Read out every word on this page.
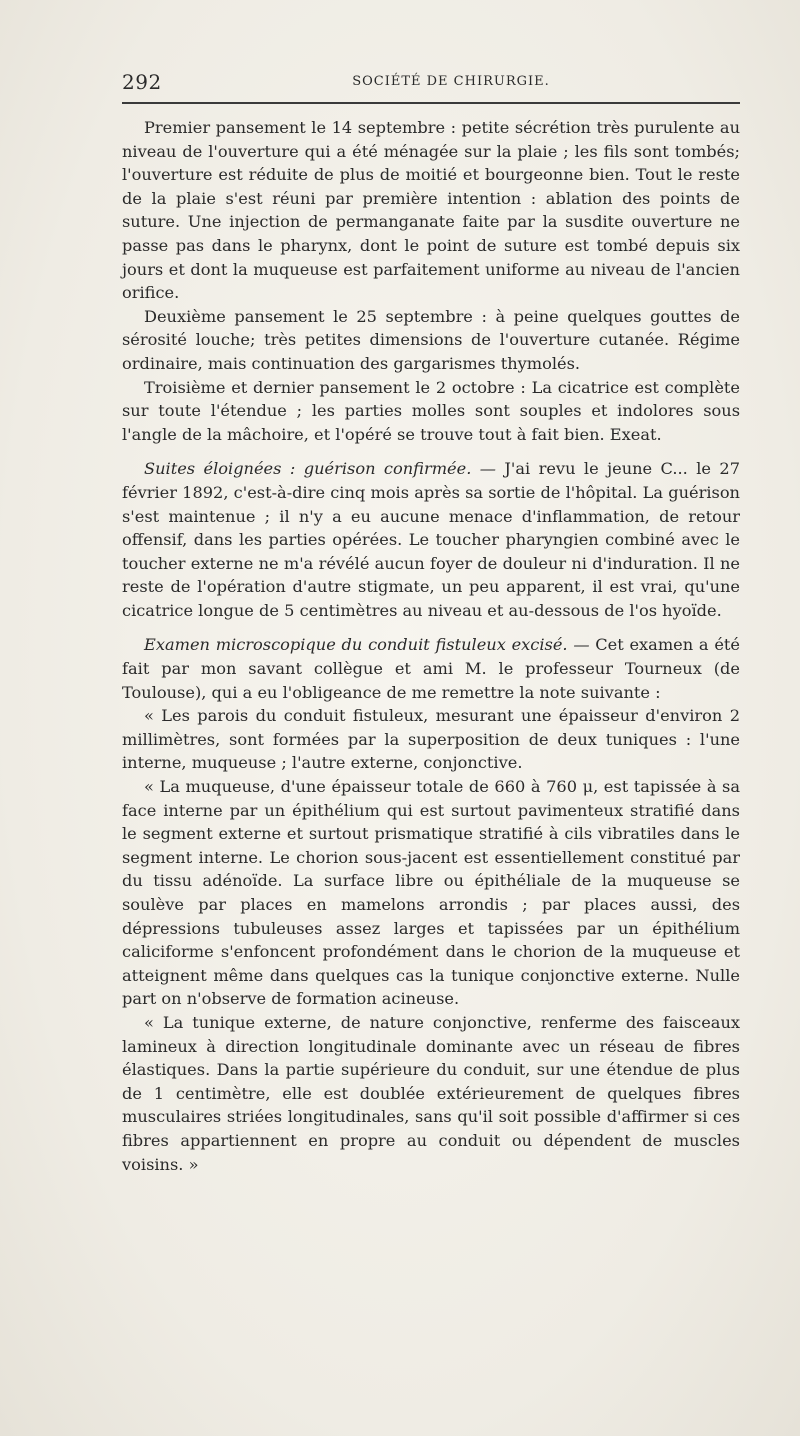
292	SOCIÉTÉ DE CHIRURGIE.

Premier pansement le 14 septembre : petite sécrétion très purulente au niveau de l'ouverture qui a été ménagée sur la plaie ; les fils sont tombés; l'ouverture est réduite de plus de moitié et bourgeonne bien. Tout le reste de la plaie s'est réuni par première intention : ablation des points de suture. Une injection de permanganate faite par la susdite ouverture ne passe pas dans le pharynx, dont le point de suture est tombé depuis six jours et dont la muqueuse est parfaitement uniforme au niveau de l'ancien orifice.

Deuxième pansement le 25 septembre : à peine quelques gouttes de sérosité louche; très petites dimensions de l'ouverture cutanée. Régime ordinaire, mais continuation des gargarismes thymolés.

Troisième et dernier pansement le 2 octobre : La cicatrice est complète sur toute l'étendue ; les parties molles sont souples et indolores sous l'angle de la mâchoire, et l'opéré se trouve tout à fait bien. Exeat.

Suites éloignées : guérison confirmée. — J'ai revu le jeune C... le 27 février 1892, c'est-à-dire cinq mois après sa sortie de l'hôpital. La guérison s'est maintenue ; il n'y a eu aucune menace d'inflammation, de retour offensif, dans les parties opérées. Le toucher pharyngien combiné avec le toucher externe ne m'a révélé aucun foyer de douleur ni d'induration. Il ne reste de l'opération d'autre stigmate, un peu apparent, il est vrai, qu'une cicatrice longue de 5 centimètres au niveau et au-dessous de l'os hyoïde.

Examen microscopique du conduit fistuleux excisé. — Cet examen a été fait par mon savant collègue et ami M. le professeur Tourneux (de Toulouse), qui a eu l'obligeance de me remettre la note suivante :

« Les parois du conduit fistuleux, mesurant une épaisseur d'environ 2 millimètres, sont formées par la superposition de deux tuniques : l'une interne, muqueuse ; l'autre externe, conjonctive.

« La muqueuse, d'une épaisseur totale de 660 à 760 μ, est tapissée à sa face interne par un épithélium qui est surtout pavimenteux stratifié dans le segment externe et surtout prismatique stratifié à cils vibratiles dans le segment interne. Le chorion sous-jacent est essentiellement constitué par du tissu adénoïde. La surface libre ou épithéliale de la muqueuse se soulève par places en mamelons arrondis ; par places aussi, des dépressions tubuleuses assez larges et tapissées par un épithélium caliciforme s'enfoncent profondément dans le chorion de la muqueuse et atteignent même dans quelques cas la tunique conjonctive externe. Nulle part on n'observe de formation acineuse.

« La tunique externe, de nature conjonctive, renferme des faisceaux lamineux à direction longitudinale dominante avec un réseau de fibres élastiques. Dans la partie supérieure du conduit, sur une étendue de plus de 1 centimètre, elle est doublée extérieurement de quelques fibres musculaires striées longitudinales, sans qu'il soit possible d'affirmer si ces fibres appartiennent en propre au conduit ou dépendent de muscles voisins. »
